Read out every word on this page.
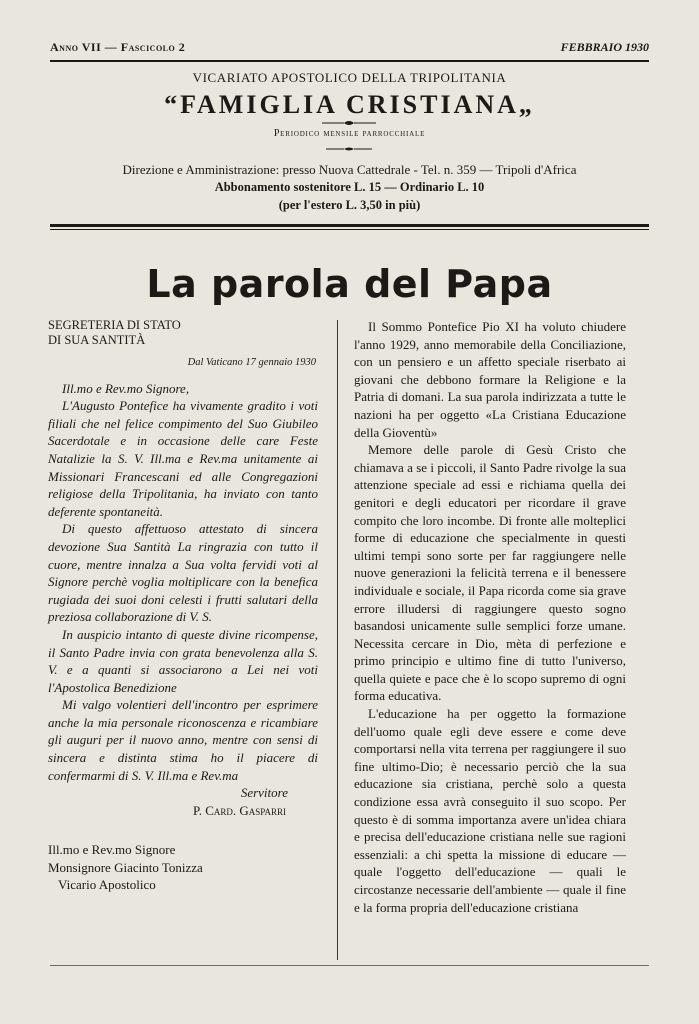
Anno VII — Fascicolo 2	FEBBRAIO 1930
VICARIATO APOSTOLICO DELLA TRIPOLITANIA
“FAMIGLIA CRISTIANA„
Periodico mensile parrocchiale
Direzione e Amministrazione: presso Nuova Cattedrale - Tel. n. 359 — Tripoli d'Africa
Abbonamento sostenitore L. 15 — Ordinario L. 10
(per l'estero L. 3,50 in più)
La parola del Papa

SEGRETERIA DI STATO

DI SUA SANTITÀ

Dal Vaticano 17 gennaio 1930

Ill.mo e Rev.mo Signore,

L'Augusto Pontefice ha vivamente gradito i voti filiali che nel felice compimento del Suo Giubileo Sacerdotale e in occasione delle care Feste Natalizie la S. V. Ill.ma e Rev.ma unitamente ai Missionari Francescani ed alle Congregazioni religiose della Tripolitania, ha inviato con tanto deferente spontaneità.

Di questo affettuoso attestato di sincera devozione Sua Santità La ringrazia con tutto il cuore, mentre innalza a Sua volta fervidi voti al Signore perchè voglia moltiplicare con la benefica rugiada dei suoi doni celesti i frutti salutari della preziosa collaborazione di V. S.

In auspicio intanto di queste divine ricompense, il Santo Padre invia con grata benevolenza alla S. V. e a quanti si associarono a Lei nei voti l'Apostolica Benedizione

Mi valgo volentieri dell'incontro per esprimere anche la mia personale riconoscenza e ricambiare gli auguri per il nuovo anno, mentre con sensi di sincera e distinta stima ho il piacere di confermarmi di S. V. Ill.ma e Rev.ma

Servitore

P. Card. Gasparri

Ill.mo e Rev.mo Signore

Monsignore Giacinto Tonizza

Vicario Apostolico

Il Sommo Pontefice Pio XI ha voluto chiudere l'anno 1929, anno memorabile della Conciliazione, con un pensiero e un affetto speciale riserbato ai giovani che debbono formare la Religione e la Patria di domani. La sua parola indirizzata a tutte le nazioni ha per oggetto «La Cristiana Educazione della Gioventù»

Memore delle parole di Gesù Cristo che chiamava a se i piccoli, il Santo Padre rivolge la sua attenzione speciale ad essi e richiama quella dei genitori e degli educatori per ricordare il grave compito che loro incombe. Di fronte alle molteplici forme di educazione che specialmente in questi ultimi tempi sono sorte per far raggiungere nelle nuove generazioni la felicità terrena e il benessere individuale e sociale, il Papa ricorda come sia grave errore illudersi di raggiungere questo sogno basandosi unicamente sulle semplici forze umane. Necessita cercare in Dio, mèta di perfezione e primo principio e ultimo fine di tutto l'universo, quella quiete e pace che è lo scopo supremo di ogni forma educativa.

L'educazione ha per oggetto la formazione dell'uomo quale egli deve essere e come deve comportarsi nella vita terrena per raggiungere il suo fine ultimo-Dio; è necessario perciò che la sua educazione sia cristiana, perchè solo a questa condizione essa avrà conseguito il suo scopo. Per questo è di somma importanza avere un'idea chiara e precisa dell'educazione cristiana nelle sue ragioni essenziali: a chi spetta la missione di educare — quale l'oggetto dell'educazione — quali le circostanze necessarie dell'ambiente — quale il fine e la forma propria dell'educazione cristiana
